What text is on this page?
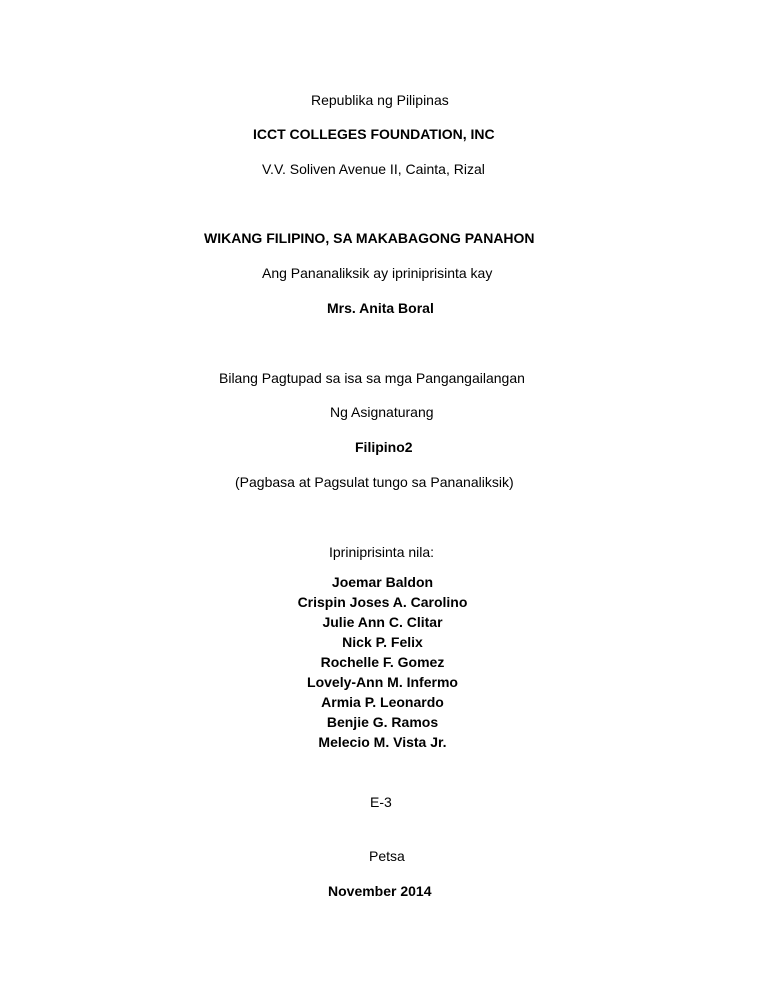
Republika ng Pilipinas
ICCT COLLEGES FOUNDATION, INC
V.V. Soliven Avenue II, Cainta, Rizal
WIKANG FILIPINO, SA MAKABAGONG PANAHON
Ang Pananaliksik ay ipriniprisinta kay
Mrs. Anita Boral
Bilang Pagtupad sa isa sa mga Pangangailangan
Ng Asignaturang
Filipino2
(Pagbasa at Pagsulat tungo sa Pananaliksik)
Ipriniprisinta nila:
Joemar Baldon
Crispin Joses A. Carolino
Julie Ann C. Clitar
Nick P. Felix
Rochelle F. Gomez
Lovely-Ann M. Infermo
Armia P. Leonardo
Benjie G. Ramos
Melecio M. Vista Jr.
E-3
Petsa
November 2014
